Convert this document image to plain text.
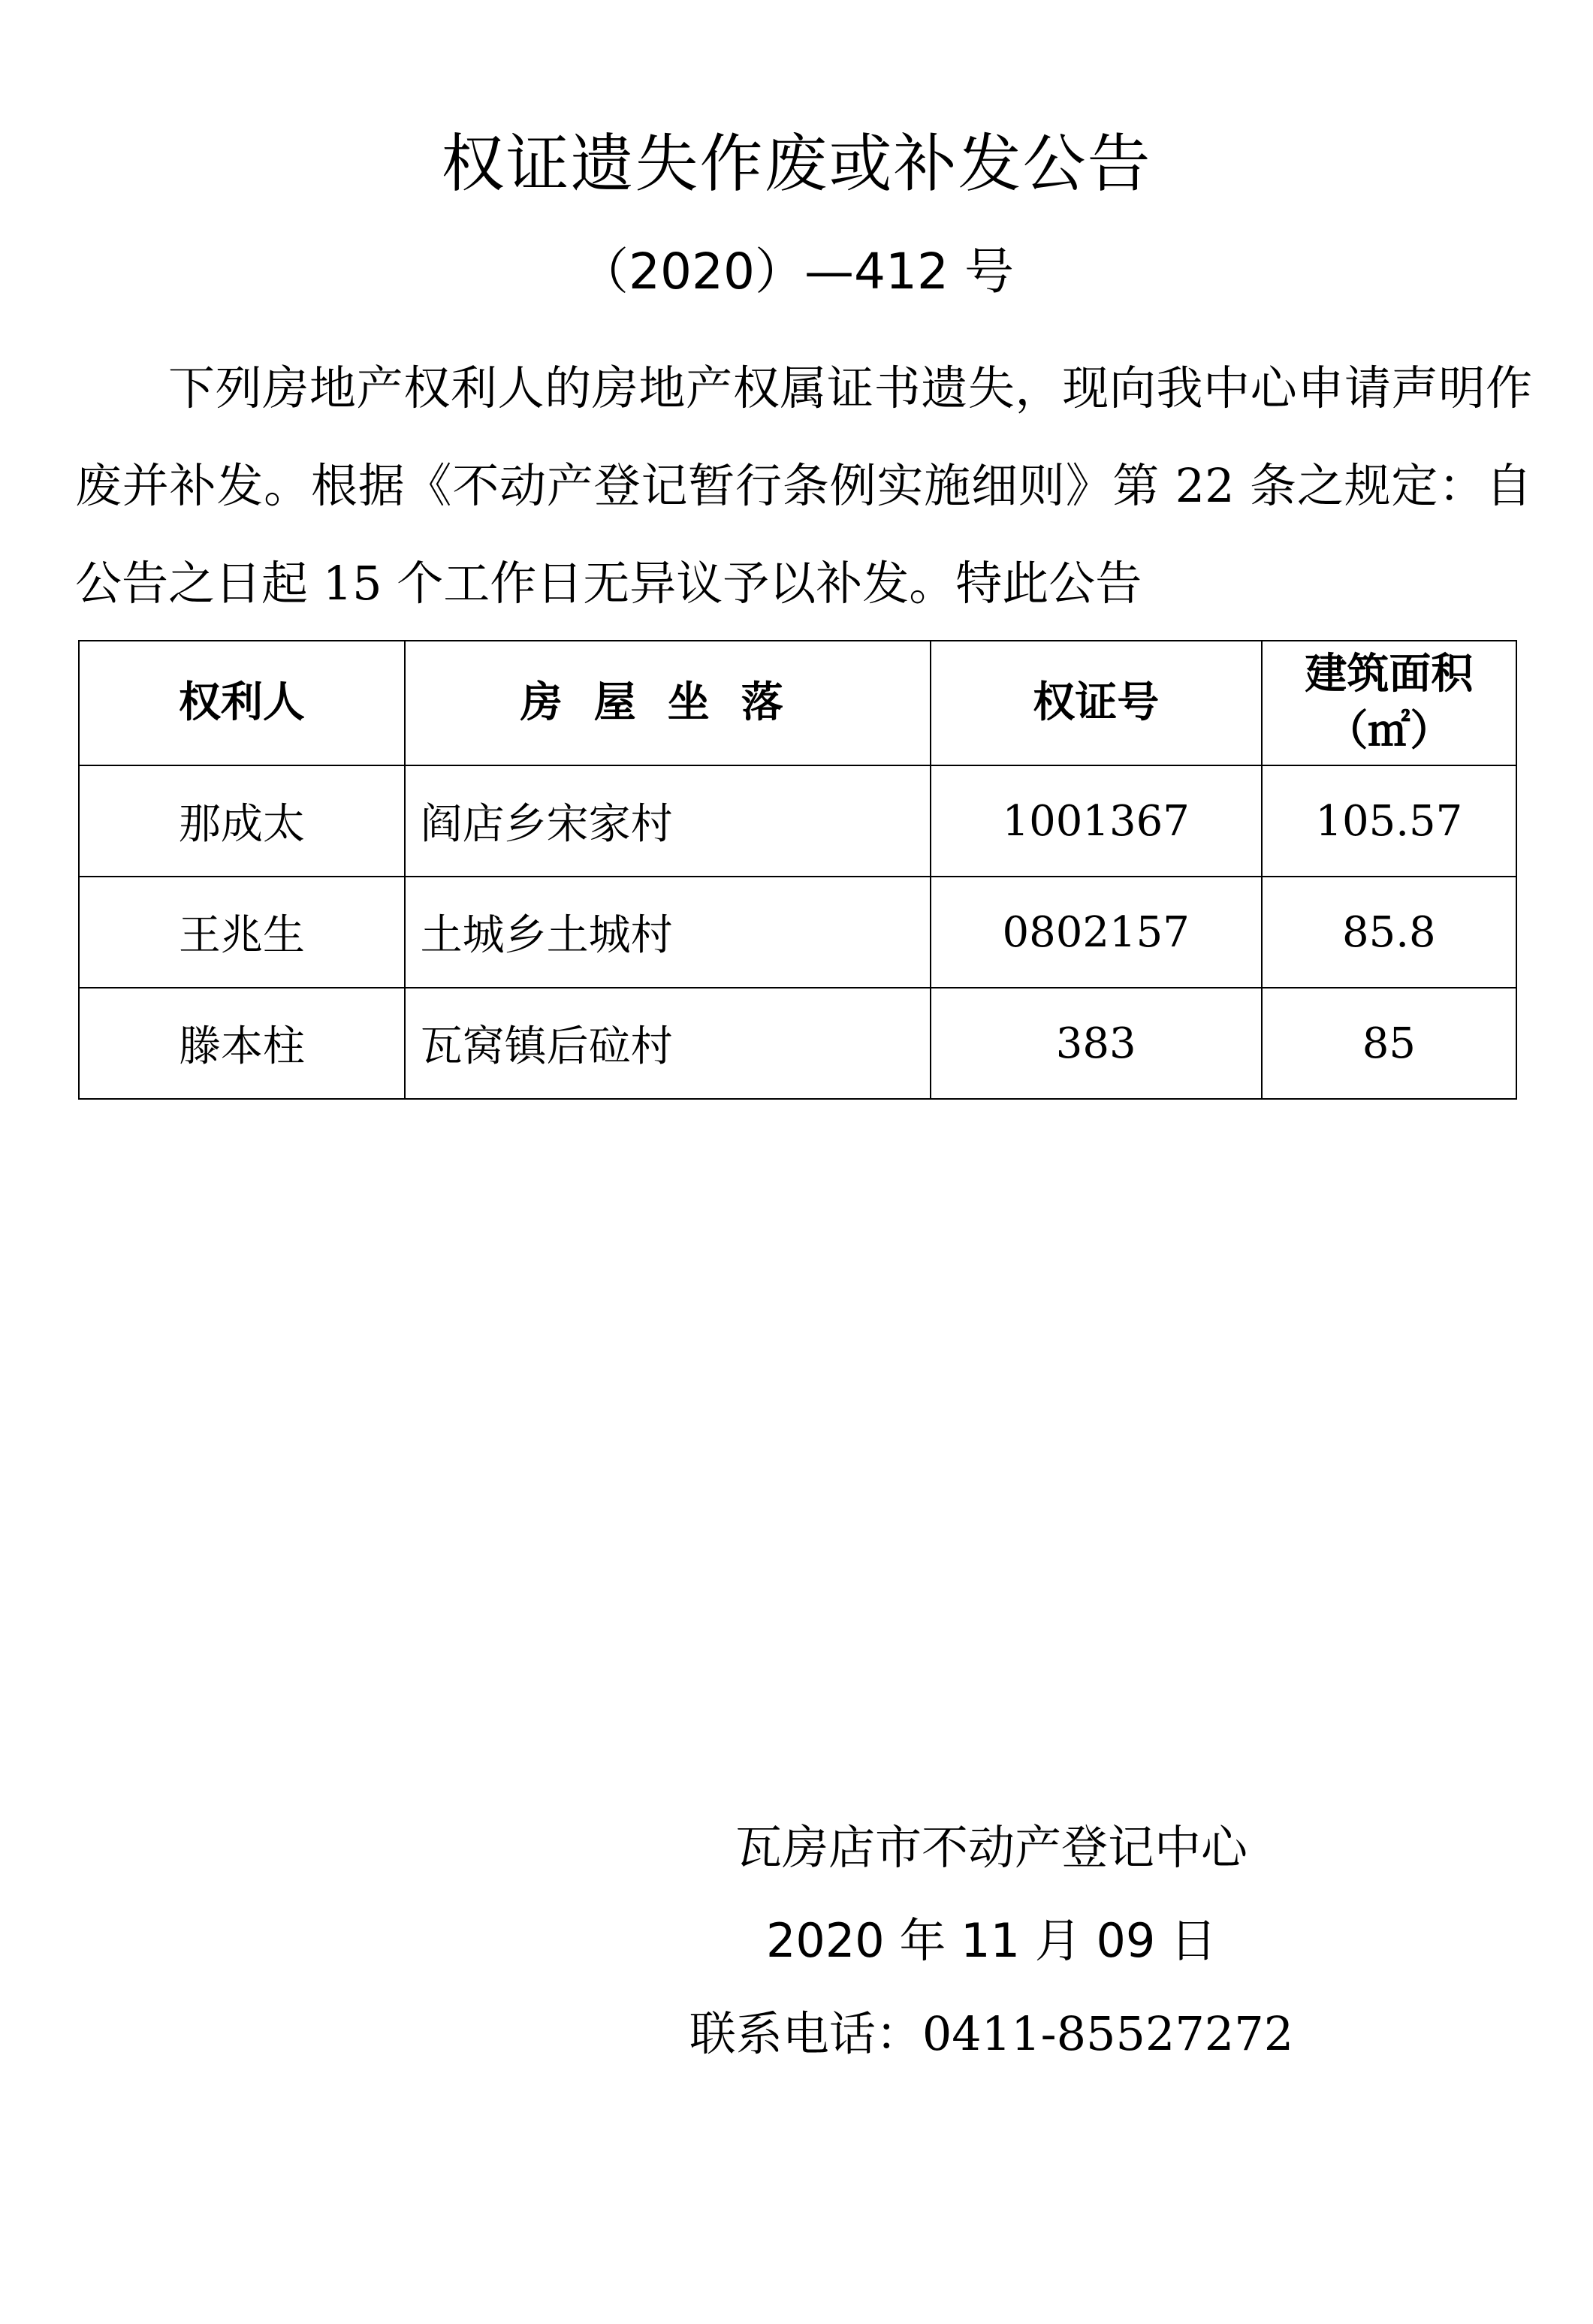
权证遗失作废或补发公告
（2020）—412 号

下列房地产权利人的房地产权属证书遗失，现向我中心申请声明作废并补发。根据《不动产登记暂行条例实施细则》第 22 条之规定：自公告之日起 15 个工作日无异议予以补发。特此公告

权利人	房屋坐落	权证号	建筑面积（㎡）
那成太	阎店乡宋家村	1001367	105.57
王兆生	土城乡土城村	0802157	85.8
滕本柱	瓦窝镇后砬村	383	85
瓦房店市不动产登记中心
2020 年 11 月 09 日
联系电话：0411-85527272
